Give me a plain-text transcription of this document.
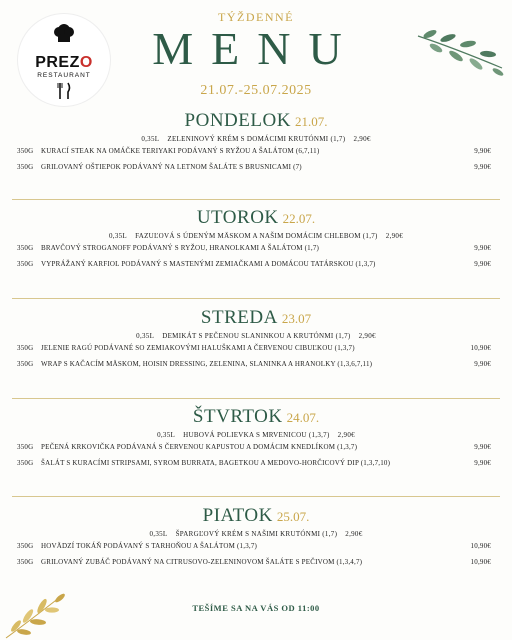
PREZO
RESTAURANT
TÝŽDENNÉ
MENU
21.07.-25.07.2025
PONDELOK 21.07.
0,35L ZELENINOVÝ KRÉM S DOMÁCIMI KRUTÓNMI (1,7) 2,90€
350G KURACÍ STEAK NA OMÁČKE TERIYAKI PODÁVANÝ S RYŽOU A ŠALÁTOM (6,7,11)	9,90€
350G GRILOVANÝ OŠTIEPOK PODÁVANÝ NA LETNOM ŠALÁTE S BRUSNICAMI (7)	9,90€
UTOROK 22.07.
0,35L FAZUĽOVÁ S ÚDENÝM MÄSKOM A NAŠIM DOMÁCIM CHLEBOM (1,7) 2,90€
350G BRAVČOVÝ STROGANOFF PODÁVANÝ S RYŽOU, HRANOLKAMI A ŠALÁTOM (1,7)	9,90€
350G VYPRÁŽANÝ KARFIOL PODÁVANÝ S MASTENÝMI ZEMIAČKAMI A DOMÁCOU TATÁRSKOU (1,3,7)	9,90€
STREDA 23.07
0,35L DEMIKÁT S PEČENOU SLANINKOU A KRUTÓNMI (1,7) 2,90€
350G JELENIE RAGÚ PODÁVANÉ SO ZEMIAKOVÝMI HALUŠKAMI A ČERVENOU CIBUĽKOU (1,3,7)	10,90€
350G WRAP S KAČACÍM MÄSKOM, HOISIN DRESSING, ZELENINA, SLANINKA A HRANOLKY (1,3,6,7,11)	9,90€
ŠTVRTOK 24.07.
0,35L HUBOVÁ POLIEVKA S MRVENICOU (1,3,7) 2,90€
350G PEČENÁ KRKOVIČKA PODÁVANÁ S ČERVENOU KAPUSTOU A DOMÁCIM KNEDLÍKOM (1,3,7)	9,90€
350G ŠALÁT S KURACÍMI STRIPSAMI, SYROM BURRATA, BAGETKOU A MEDOVO-HORČICOVÝ DIP (1,3,7,10)	9,90€
PIATOK 25.07.
0,35L ŠPARGĽOVÝ KRÉM S NAŠIMI KRUTÓNMI (1,7) 2,90€
350G HOVÄDZÍ TOKÁŇ PODÁVANÝ S TARHOŇOU A ŠALÁTOM (1,3,7)	10,90€
350G GRILOVANÝ ZUBÁČ PODÁVANÝ NA CITRUSOVO-ZELENINOVOM ŠALÁTE S PEČIVOM (1,3,4,7)	10,90€
TEŠÍME SA NA VÁS OD 11:00
